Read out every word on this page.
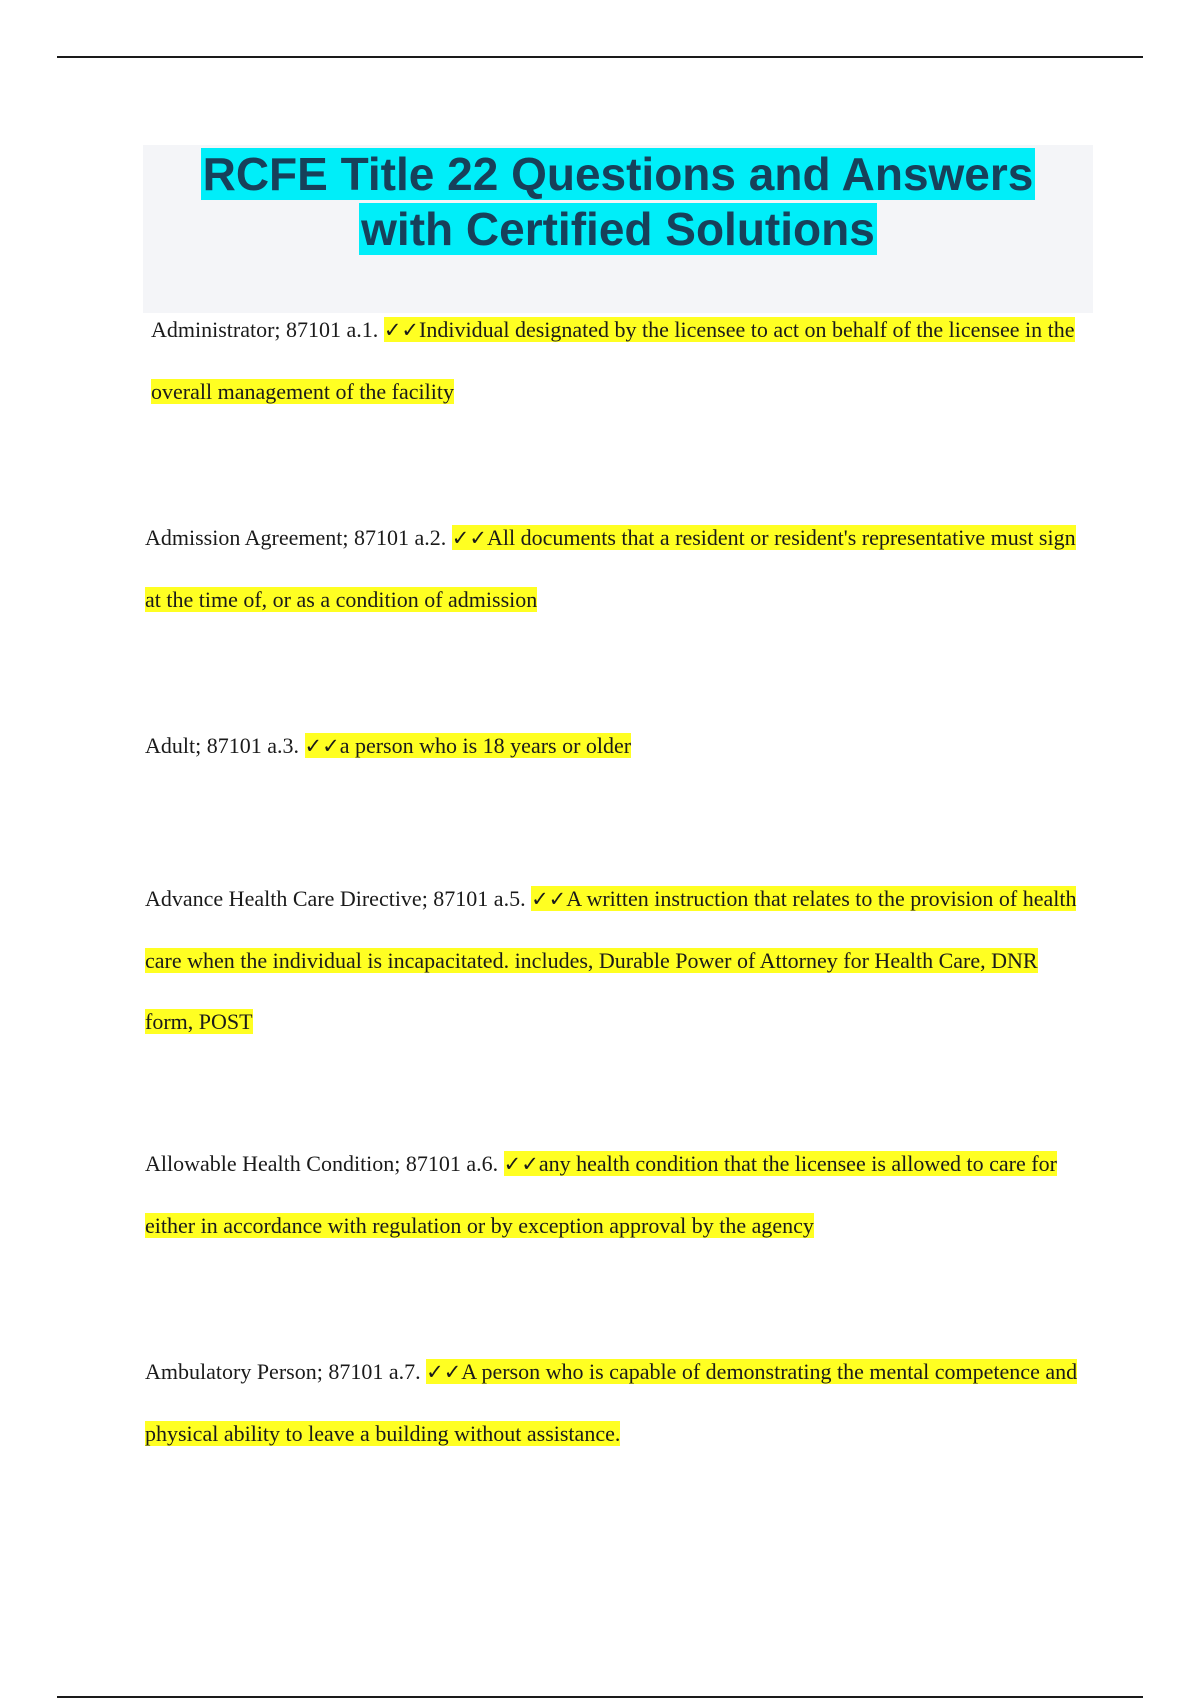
RCFE Title 22 Questions and Answers
with Certified Solutions

Administrator; 87101 a.1. ✓✓Individual designated by the licensee to act on behalf of the licensee in the overall management of the facility

Admission Agreement; 87101 a.2. ✓✓All documents that a resident or resident's representative must sign at the time of, or as a condition of admission

Adult; 87101 a.3. ✓✓a person who is 18 years or older

Advance Health Care Directive; 87101 a.5. ✓✓A written instruction that relates to the provision of health care when the individual is incapacitated. includes, Durable Power of Attorney for Health Care, DNR form, POST

Allowable Health Condition; 87101 a.6. ✓✓any health condition that the licensee is allowed to care for either in accordance with regulation or by exception approval by the agency

Ambulatory Person; 87101 a.7. ✓✓A person who is capable of demonstrating the mental competence and physical ability to leave a building without assistance.
